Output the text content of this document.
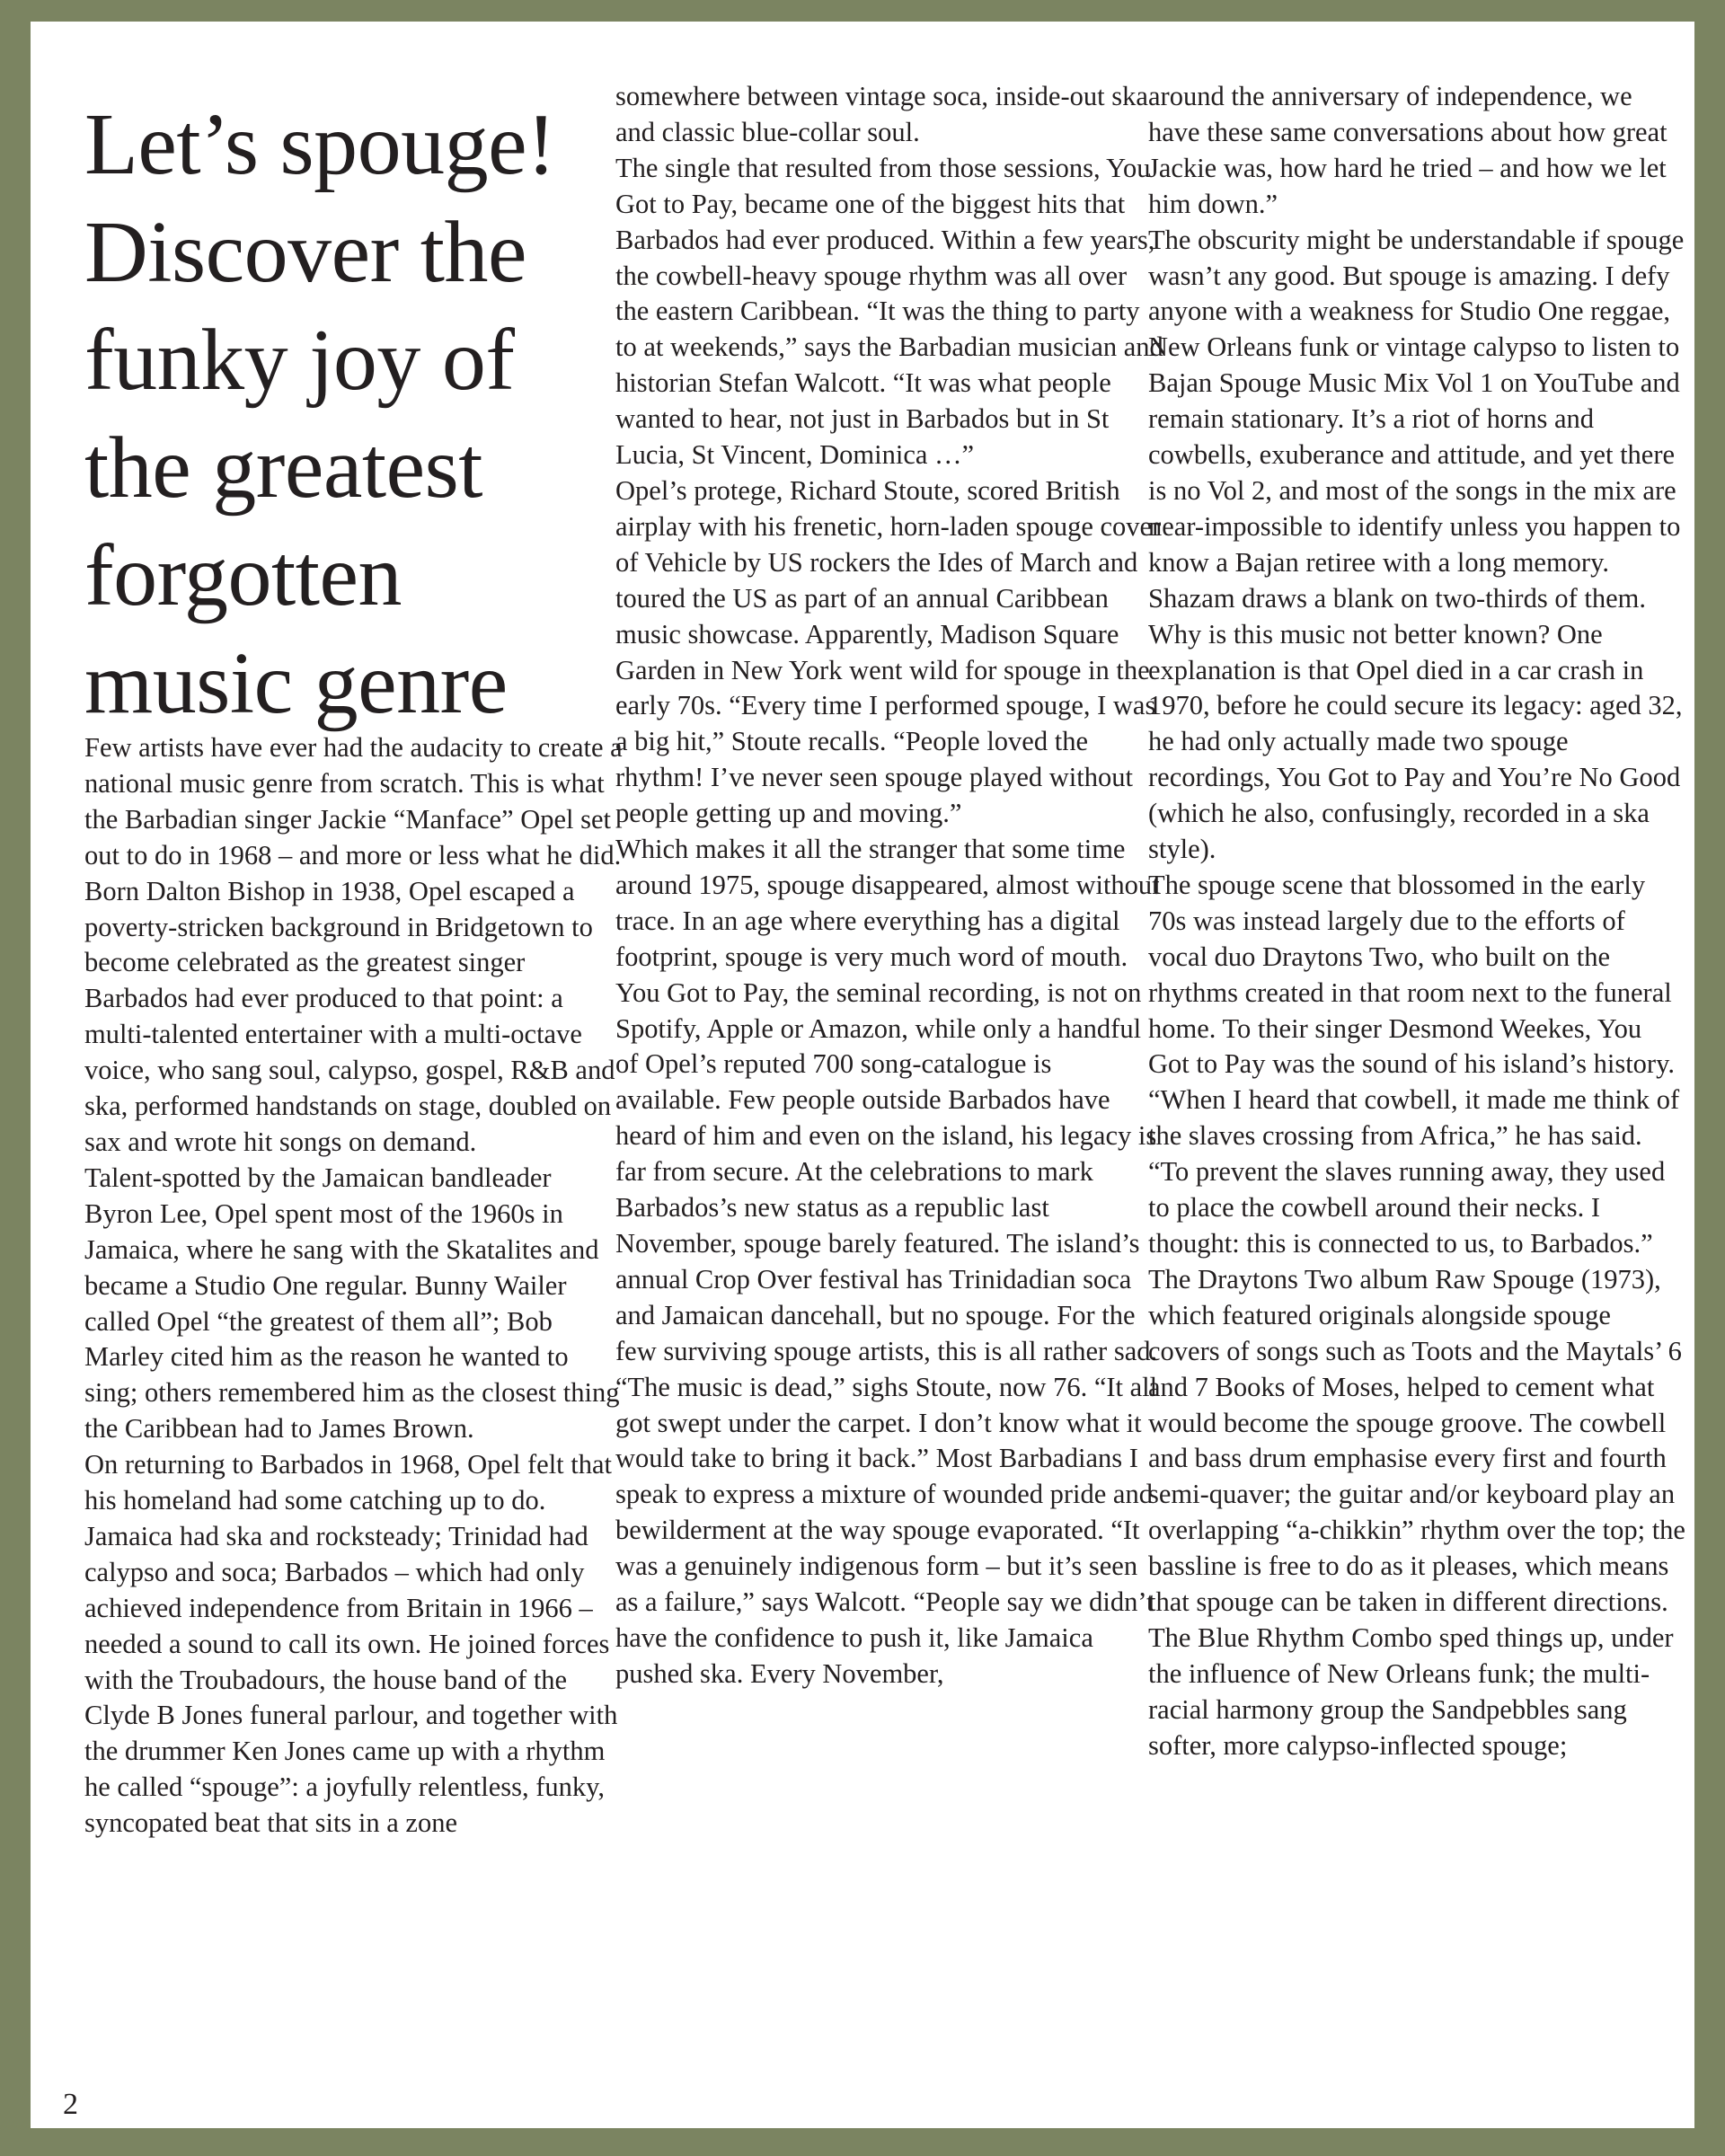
Let’s spouge! Discover the funky joy of the greatest forgotten music genre

Few artists have ever had the audacity to create a national music genre from scratch. This is what the Barbadian singer Jackie “Manface” Opel set out to do in 1968 – and more or less what he did. Born Dalton Bishop in 1938, Opel escaped a poverty-stricken background in Bridgetown to become celebrated as the greatest singer Barbados had ever produced to that point: a multi-talented entertainer with a multi-octave voice, who sang soul, calypso, gospel, R&B and ska, performed handstands on stage, doubled on sax and wrote hit songs on demand.

Talent-spotted by the Jamaican bandleader Byron Lee, Opel spent most of the 1960s in Jamaica, where he sang with the Skatalites and became a Studio One regular. Bunny Wailer called Opel “the greatest of them all”; Bob Marley cited him as the reason he wanted to sing; others remembered him as the closest thing the Caribbean had to James Brown.

On returning to Barbados in 1968, Opel felt that his homeland had some catching up to do. Jamaica had ska and rocksteady; Trinidad had calypso and soca; Barbados – which had only achieved independence from Britain in 1966 – needed a sound to call its own. He joined forces with the Troubadours, the house band of the Clyde B Jones funeral parlour, and together with the drummer Ken Jones came up with a rhythm he called “spouge”: a joyfully relentless, funky, syncopated beat that sits in a zone

somewhere between vintage soca, inside-out ska and classic blue-collar soul.

The single that resulted from those sessions, You Got to Pay, became one of the biggest hits that Barbados had ever produced. Within a few years, the cowbell-heavy spouge rhythm was all over the eastern Caribbean. “It was the thing to party to at weekends,” says the Barbadian musician and historian Stefan Walcott. “It was what people wanted to hear, not just in Barbados but in St Lucia, St Vincent, Dominica …”

Opel’s protege, Richard Stoute, scored British airplay with his frenetic, horn-laden spouge cover of Vehicle by US rockers the Ides of March and toured the US as part of an annual Caribbean music showcase. Apparently, Madison Square Garden in New York went wild for spouge in the early 70s. “Every time I performed spouge, I was a big hit,” Stoute recalls. “People loved the rhythm! I’ve never seen spouge played without people getting up and moving.”

Which makes it all the stranger that some time around 1975, spouge disappeared, almost without trace. In an age where everything has a digital footprint, spouge is very much word of mouth. You Got to Pay, the seminal recording, is not on Spotify, Apple or Amazon, while only a handful of Opel’s reputed 700 song-catalogue is available. Few people outside Barbados have heard of him and even on the island, his legacy is far from secure. At the celebrations to mark Barbados’s new status as a republic last November, spouge barely featured. The island’s annual Crop Over festival has Trinidadian soca and Jamaican dancehall, but no spouge. For the few surviving spouge artists, this is all rather sad.

“The music is dead,” sighs Stoute, now 76. “It all got swept under the carpet. I don’t know what it would take to bring it back.” Most Barbadians I speak to express a mixture of wounded pride and bewilderment at the way spouge evaporated. “It was a genuinely indigenous form – but it’s seen as a failure,” says Walcott. “People say we didn’t have the confidence to push it, like Jamaica pushed ska. Every November,

around the anniversary of independence, we have these same conversations about how great Jackie was, how hard he tried – and how we let him down.”

The obscurity might be understandable if spouge wasn’t any good. But spouge is amazing. I defy anyone with a weakness for Studio One reggae, New Orleans funk or vintage calypso to listen to Bajan Spouge Music Mix Vol 1 on YouTube and remain stationary. It’s a riot of horns and cowbells, exuberance and attitude, and yet there is no Vol 2, and most of the songs in the mix are near-impossible to identify unless you happen to know a Bajan retiree with a long memory. Shazam draws a blank on two-thirds of them.

Why is this music not better known? One explanation is that Opel died in a car crash in 1970, before he could secure its legacy: aged 32, he had only actually made two spouge recordings, You Got to Pay and You’re No Good (which he also, confusingly, recorded in a ska style).

The spouge scene that blossomed in the early 70s was instead largely due to the efforts of vocal duo Draytons Two, who built on the rhythms created in that room next to the funeral home. To their singer Desmond Weekes, You Got to Pay was the sound of his island’s history. “When I heard that cowbell, it made me think of the slaves crossing from Africa,” he has said. “To prevent the slaves running away, they used to place the cowbell around their necks. I thought: this is connected to us, to Barbados.”

The Draytons Two album Raw Spouge (1973), which featured originals alongside spouge covers of songs such as Toots and the Maytals’ 6 and 7 Books of Moses, helped to cement what would become the spouge groove. The cowbell and bass drum emphasise every first and fourth semi-quaver; the guitar and/or keyboard play an overlapping “a-chikkin” rhythm over the top; the bassline is free to do as it pleases, which means that spouge can be taken in different directions. The Blue Rhythm Combo sped things up, under the influence of New Orleans funk; the multi-racial harmony group the Sandpebbles sang softer, more calypso-inflected spouge;

2
